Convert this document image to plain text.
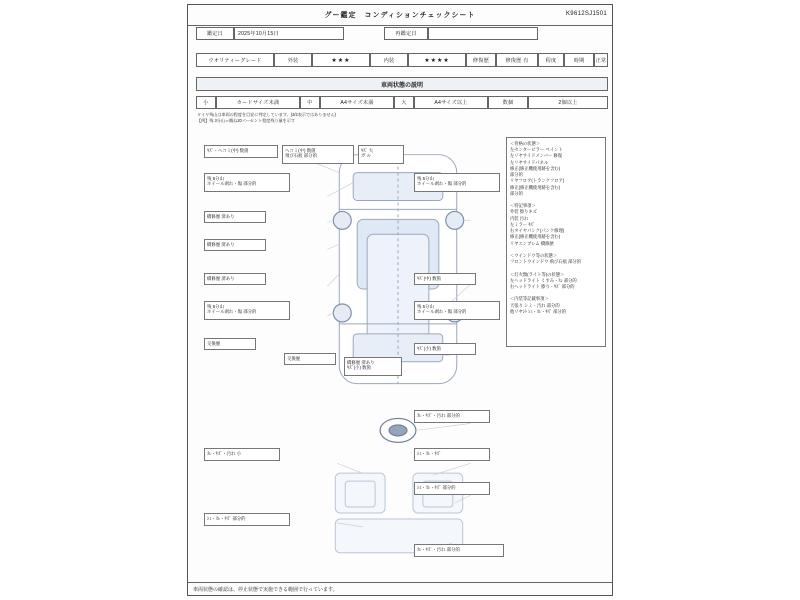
グー鑑定　コンディションチェックシート	K9612SJ1501
鑑定日	2025年10月15日	再鑑定日
ウオリティーグレード	外装	★★★	内装	★★★★	修復歴	修復歴 有	程度	時期	正常
車両状態の説明
小	カードサイズ未満	中	A4サイズ未満	大	A4サイズ以上	数個	2個以上
タイヤ残山は車両の程度を目安に判定しています。(3/2表示ではありません)
【例】残 3分山＝概ね20パーセント程度残り量を示す
ｷｽﾞ・ヘコミ(中) 数箇	ヘコミ(中) 数箇
飛び石痕 部分的
ｷｽﾞ 大
ガ ル
残 5分山
ホイール剥れ・傷 部分的
残 5分山
ホイール剥れ・傷 部分的
橋修歴 済あり
橋修歴 済あり
橋修歴 済あり
残 5分山
ホイール剥れ・傷 部分的
残 5分山
ホイール剥れ・傷 部分的
ｷｽﾞ(中) 数箇
ｷｽﾞ(小) 数箇
交換歴
交換歴
橋修歴 済あり
ｷｽﾞ(小) 数箇
ｽﾚ・ｷｽﾞ・汚れ 部分的
ｽﾚ・ｷｽﾞ・汚れ 小	ｼﾐ・ｽﾚ・ｷｽﾞ
ｼﾐ・ｽﾚ・ｷｽﾞ 部分的
ｼﾐ・ｽﾚ・ｷｽﾞ 部分的
ｽﾚ・ｷｽﾞ・汚れ 部分的
＜骨格の状態＞
左センターピラー ペイント
左リヤサイドメンバー 修復
左リヤサイドパネル
修正(修正機使用跡を含む)
部分的
リヤフロア(トランクフロア)
修正(修正機使用跡を含む)
部分的

＜特記事項＞
外装 擦りキズ
内装 汚れ
左ミラー ｷｽﾞ
右タイヤパンク(パンク修理)
修正(修正機使用跡を含む)
リヤエンブレム 橋修歴

＜ウインドウ等の状態＞
フロントウインドウ 飛び石痕 部分的

＜灯火類(ライト等)の状態＞
左ヘッドライト くすみ・ｽﾚ 部分的
右ヘッドライト 擦り・ｷｽﾞ 部分的

＜内装等記載事項＞
天張り シミ・汚れ 部分的
他リヤｼﾄ ｼﾐ・ｽﾚ・ｷｽﾞ 部分的
車両状態の確認は、停止状態で実施できる範囲で行っています。
